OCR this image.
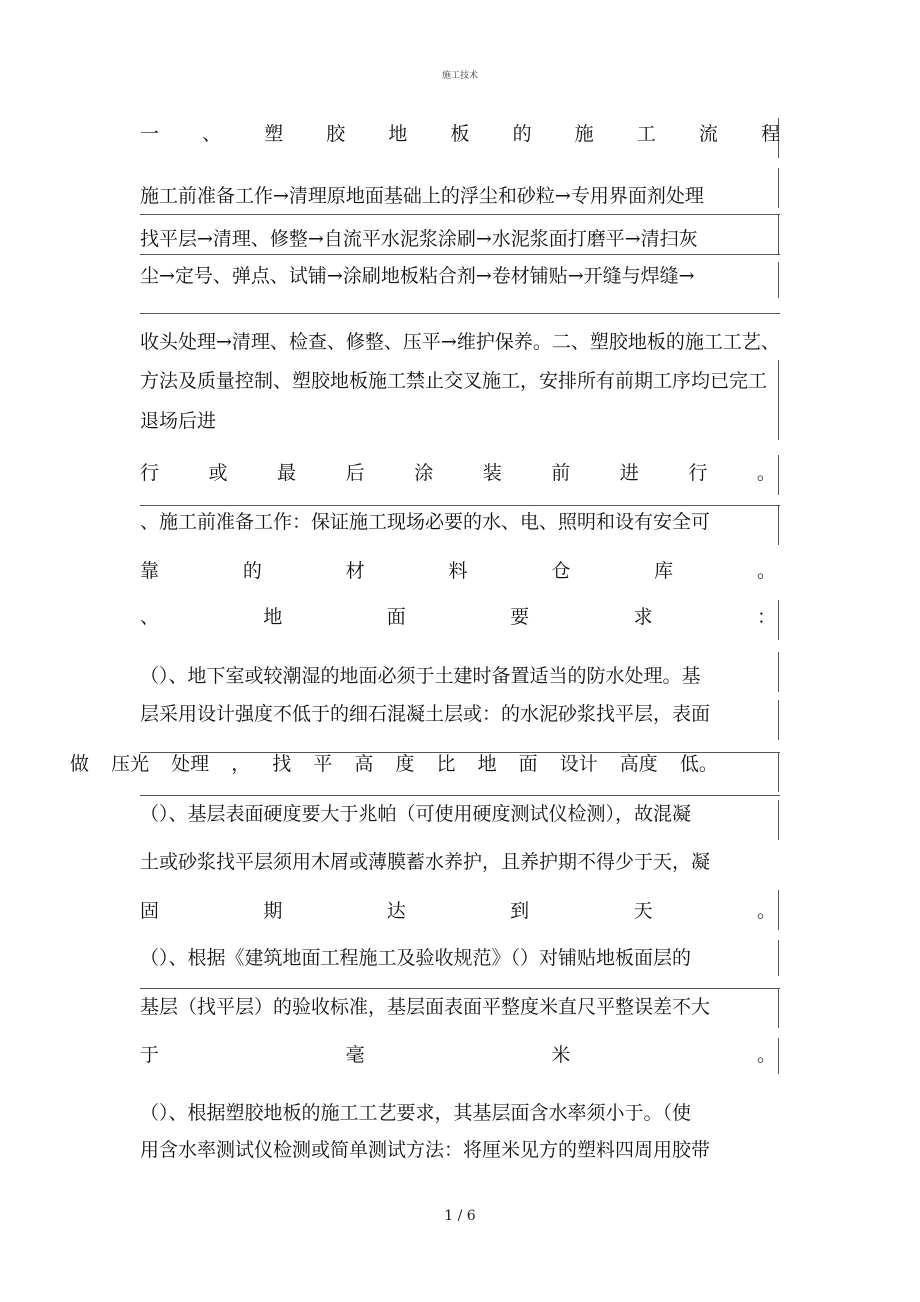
施工技术
一 、 塑 胶 地 板 的 施 工 流 程
施工前准备工作→清理原地面基础上的浮尘和砂粒→专用界面剂处理
找平层→清理、修整→自流平水泥浆涂刷→水泥浆面打磨平→清扫灰
尘→定号、弹点、试铺→涂刷地板粘合剂→卷材铺贴→开缝与焊缝→
收头处理→清理、检查、修整、压平→维护保养。二、塑胶地板的施工工艺、
方法及质量控制、塑胶地板施工禁止交叉施工，安排所有前期工序均已完工
退场后进
行	或	最	后	涂	装	前	进	行	。
、施工前准备工作：保证施工现场必要的水、电、照明和设有安全可
靠	的	材	料	仓	库	。
、	地	面	要	求	：
（）、地下室或较潮湿的地面必须于土建时备置适当的防水处理。基
层采用设计强度不低于的细石混凝土层或：的水泥砂浆找平层，表面
做 压光 处理 ， 找 平 高 度 比 地 面 设计 高度 低。
（）、基层表面硬度要大于兆帕（可使用硬度测试仪检测），故混凝
土或砂浆找平层须用木屑或薄膜蓄水养护，且养护期不得少于天，凝
固	期	达	到	天	。
（）、根据《建筑地面工程施工及验收规范》（）对铺贴地板面层的
基层（找平层）的验收标准，基层面表面平整度米直尺平整误差不大
于	毫	米	。
（）、根据塑胶地板的施工工艺要求，其基层面含水率须小于。（使
用含水率测试仪检测或简单测试方法：将厘米见方的塑料四周用胶带
1 / 6
